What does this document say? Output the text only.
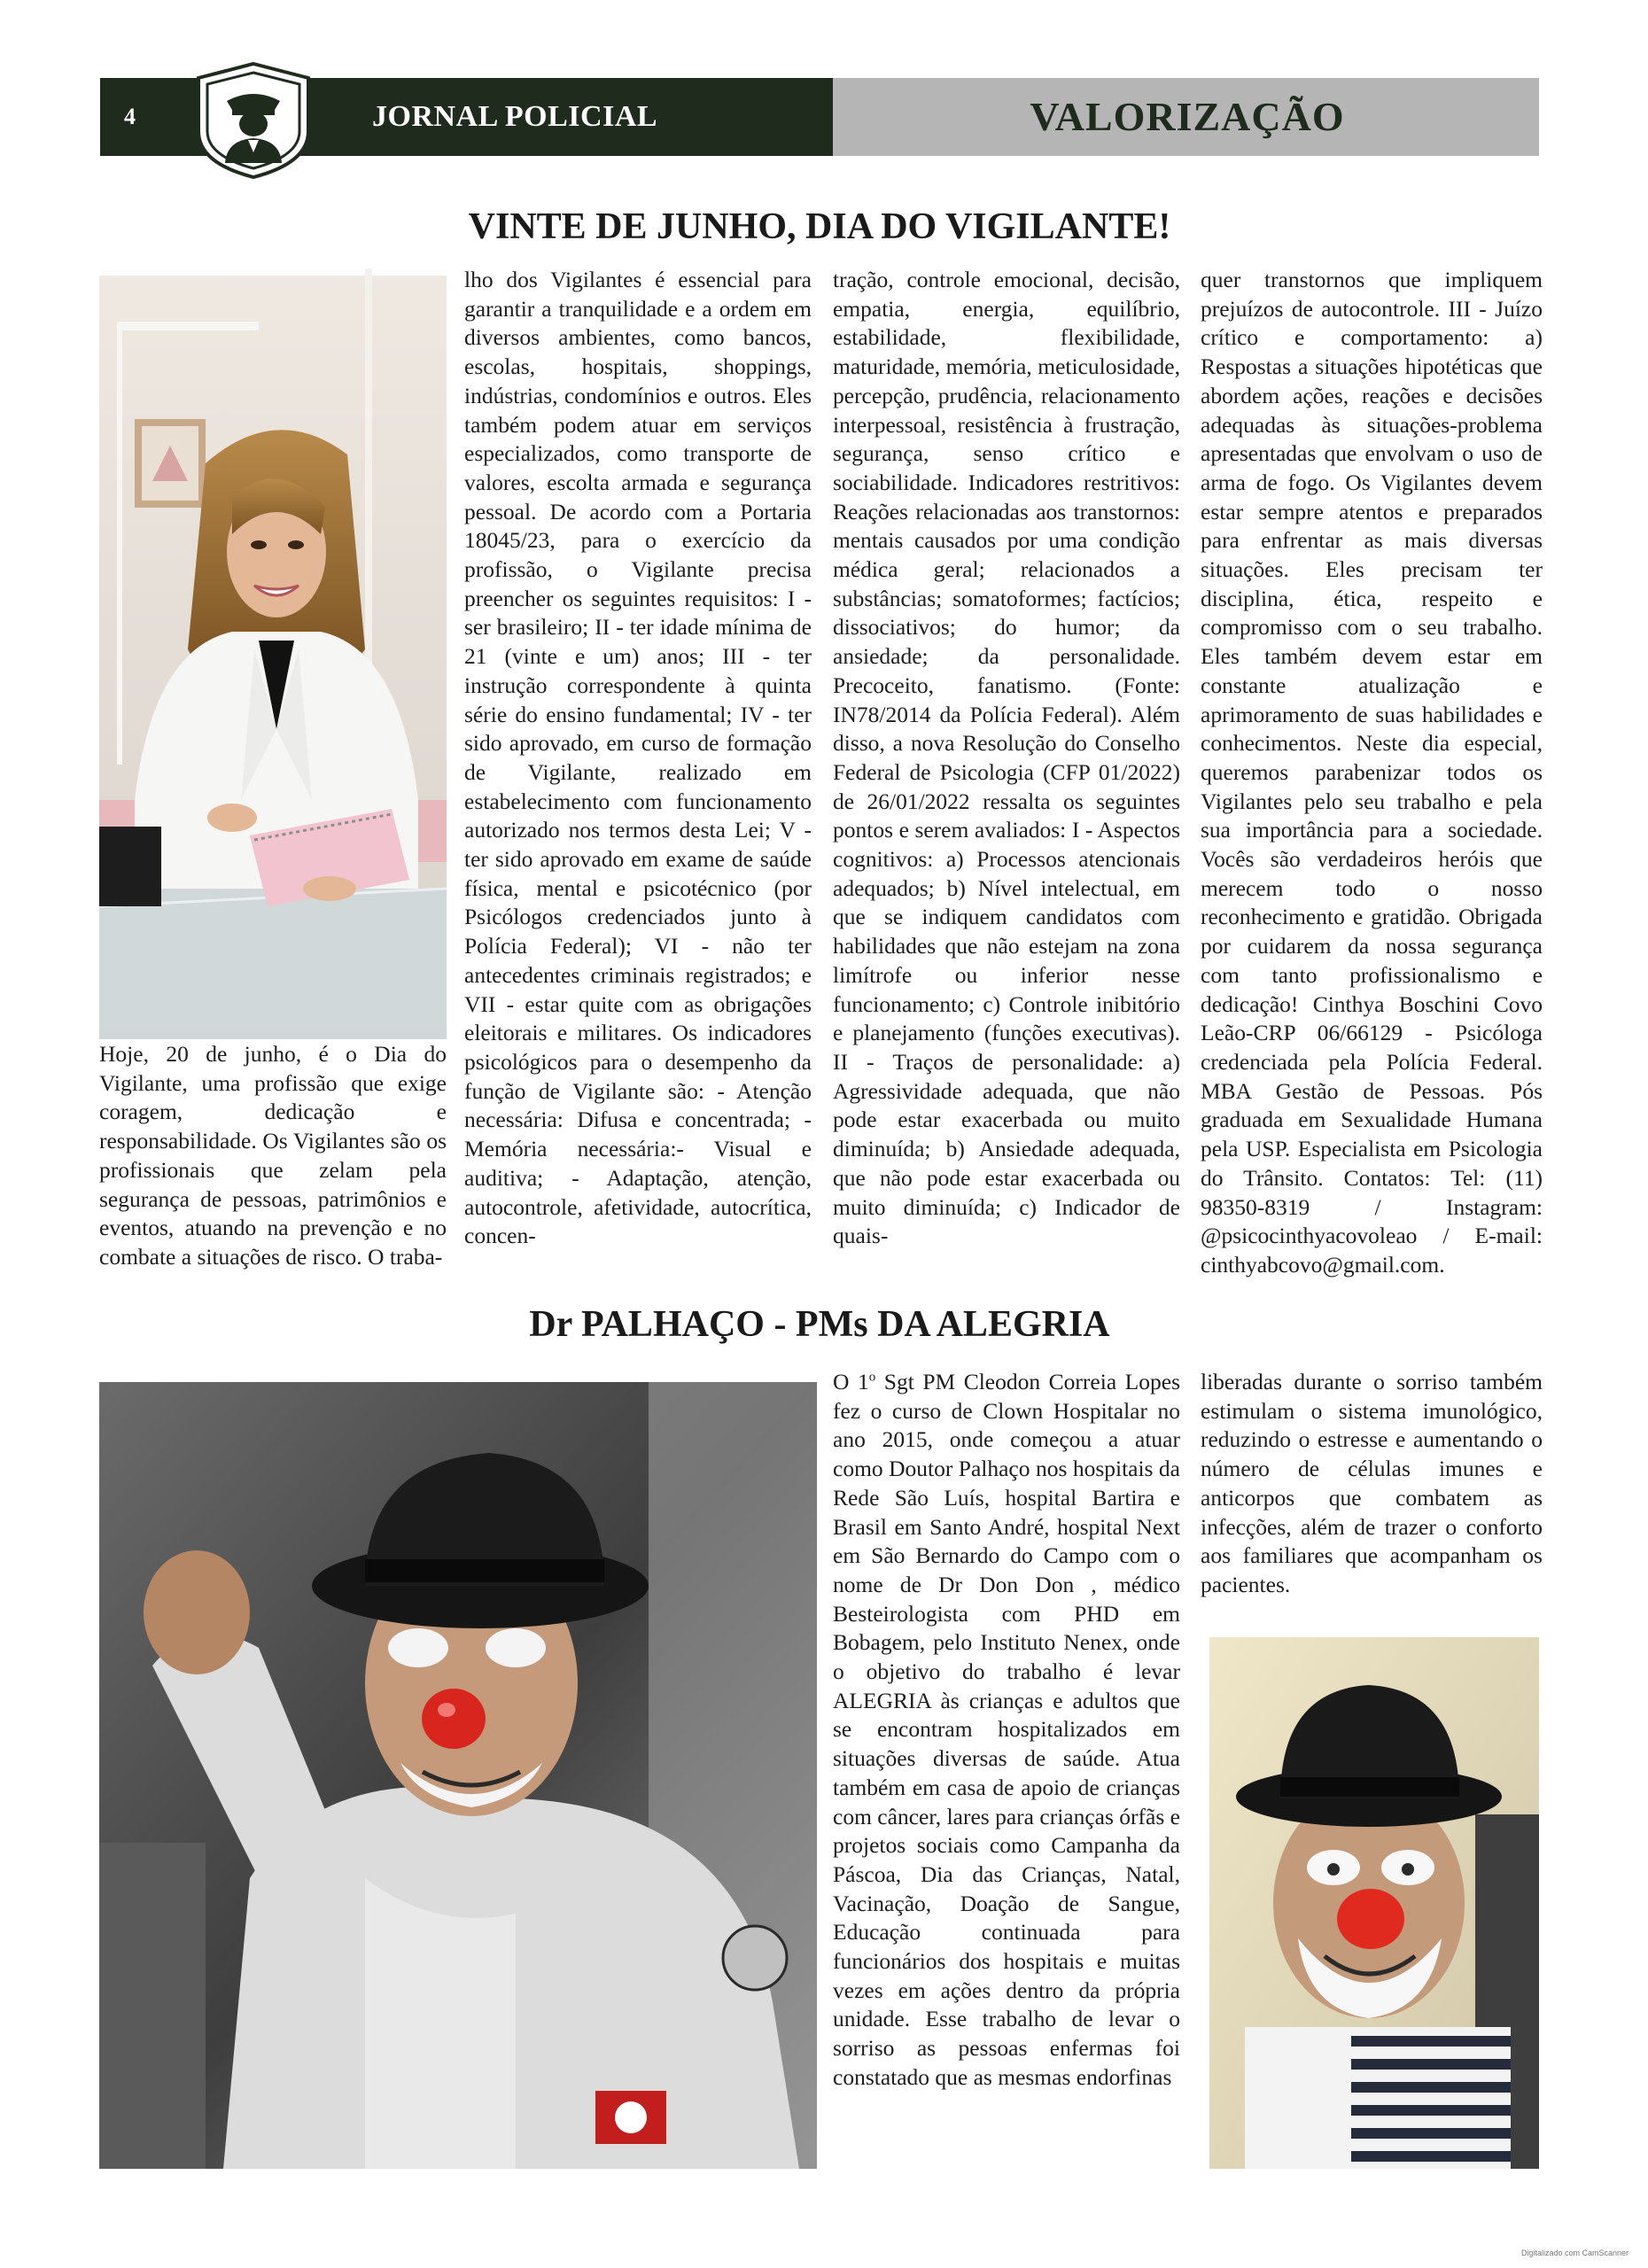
4	JORNAL POLICIAL	VALORIZAÇÃO
VINTE DE JUNHO, DIA DO VIGILANTE!

Hoje, 20 de junho, é o Dia do Vigilante, uma profissão que exige coragem, dedicação e responsabilidade. Os Vigilantes são os profissionais que zelam pela segurança de pessoas, patrimônios e eventos, atuando na prevenção e no combate a situações de risco. O traba-

lho dos Vigilantes é essencial para garantir a tranquilidade e a ordem em diversos ambientes, como bancos, escolas, hospitais, shoppings, indústrias, condomínios e outros. Eles também podem atuar em serviços especializados, como transporte de valores, escolta armada e segurança pessoal. De acordo com a Portaria 18045/23, para o exercício da profissão, o Vigilante precisa preencher os seguintes requisitos: I - ser brasileiro; II - ter idade mínima de 21 (vinte e um) anos; III - ter instrução correspondente à quinta série do ensino fundamental; IV - ter sido aprovado, em curso de formação de Vigilante, realizado em estabelecimento com funcionamento autorizado nos termos desta Lei; V - ter sido aprovado em exame de saúde física, mental e psicotécnico (por Psicólogos credenciados junto à Polícia Federal); VI - não ter antecedentes criminais registrados; e VII - estar quite com as obrigações eleitorais e militares. Os indicadores psicológicos para o desempenho da função de Vigilante são: - Atenção necessária: Difusa e concentrada; - Memória necessária:- Visual e auditiva; - Adaptação, atenção, autocontrole, afetividade, autocrítica, concen-

tração, controle emocional, decisão, empatia, energia, equilíbrio, estabilidade, flexibilidade, maturidade, memória, meticulosidade, percepção, prudência, relacionamento interpessoal, resistência à frustração, segurança, senso crítico e sociabilidade. Indicadores restritivos: Reações relacionadas aos transtornos: mentais causados por uma condição médica geral; relacionados a substâncias; somatoformes; factícios; dissociativos; do humor; da ansiedade; da personalidade. Precoceito, fanatismo. (Fonte: IN78/2014 da Polícia Federal). Além disso, a nova Resolução do Conselho Federal de Psicologia (CFP 01/2022) de 26/01/2022 ressalta os seguintes pontos e serem avaliados: I - Aspectos cognitivos: a) Processos atencionais adequados; b) Nível intelectual, em que se indiquem candidatos com habilidades que não estejam na zona limítrofe ou inferior nesse funcionamento; c) Controle inibitório e planejamento (funções executivas). II - Traços de personalidade: a) Agressividade adequada, que não pode estar exacerbada ou muito diminuída; b) Ansiedade adequada, que não pode estar exacerbada ou muito diminuída; c) Indicador de quais-

quer transtornos que impliquem prejuízos de autocontrole. III - Juízo crítico e comportamento: a) Respostas a situações hipotéticas que abordem ações, reações e decisões adequadas às situações-problema apresentadas que envolvam o uso de arma de fogo. Os Vigilantes devem estar sempre atentos e preparados para enfrentar as mais diversas situações. Eles precisam ter disciplina, ética, respeito e compromisso com o seu trabalho. Eles também devem estar em constante atualização e aprimoramento de suas habilidades e conhecimentos. Neste dia especial, queremos parabenizar todos os Vigilantes pelo seu trabalho e pela sua importância para a sociedade. Vocês são verdadeiros heróis que merecem todo o nosso reconhecimento e gratidão. Obrigada por cuidarem da nossa segurança com tanto profissionalismo e dedicação! Cinthya Boschini Covo Leão-CRP 06/66129 - Psicóloga credenciada pela Polícia Federal. MBA Gestão de Pessoas. Pós graduada em Sexualidade Humana pela USP. Especialista em Psicologia do Trânsito. Contatos: Tel: (11) 98350-8319 / Instagram: @psicocinthyacovoleao / E-mail: cinthyabcovo@gmail.com.

Dr PALHAÇO - PMs DA ALEGRIA

O 1$^o$ Sgt PM Cleodon Correia Lopes fez o curso de Clown Hospitalar no ano 2015, onde começou a atuar como Doutor Palhaço nos hospitais da Rede São Luís, hospital Bartira e Brasil em Santo André, hospital Next em São Bernardo do Campo com o nome de Dr Don Don , médico Besteirologista com PHD em Bobagem, pelo Instituto Nenex, onde o objetivo do trabalho é levar ALEGRIA às crianças e adultos que se encontram hospitalizados em situações diversas de saúde. Atua também em casa de apoio de crianças com câncer, lares para crianças órfãs e projetos sociais como Campanha da Páscoa, Dia das Crianças, Natal, Vacinação, Doação de Sangue, Educação continuada para funcionários dos hospitais e muitas vezes em ações dentro da própria unidade. Esse trabalho de levar o sorriso as pessoas enfermas foi constatado que as mesmas endorfinas

liberadas durante o sorriso também estimulam o sistema imunológico, reduzindo o estresse e aumentando o número de células imunes e anticorpos que combatem as infecções, além de trazer o conforto aos familiares que acompanham os pacientes.

Digitalizado com CamScanner
